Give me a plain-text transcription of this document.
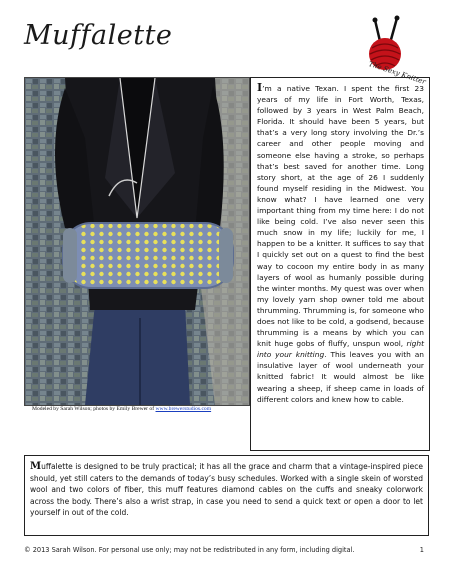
Muffalette
The Sexy Knitter
Modeled by Sarah Wilson; photos by Emily Brewer of www.brewerstudios.com
I’m a native Texan. I spent the first 23 years of my life in Fort Worth, Texas, followed by 3 years in West Palm Beach, Florida. It should have been 5 years, but that’s a very long story involving the Dr.’s career and other people moving and someone else having a stroke, so perhaps that’s best saved for another time. Long story short, at the age of 26 I suddenly found myself residing in the Midwest. You know what? I have learned one very important thing from my time here: I do not like being cold. I’ve also never seen this much snow in my life; luckily for me, I happen to be a knitter. It suffices to say that I quickly set out on a quest to find the best way to cocoon my entire body in as many layers of wool as humanly possible during the winter months. My quest was over when my lovely yarn shop owner told me about thrumming. Thrumming is, for someone who does not like to be cold, a godsend, because thrumming is a means by which you can knit huge gobs of fluffy, unspun wool, right into your knitting. This leaves you with an insulative layer of wool underneath your knitted fabric! It would almost be like wearing a sheep, if sheep came in loads of different colors and knew how to cable.
Muffalette is designed to be truly practical; it has all the grace and charm that a vintage-inspired piece should, yet still caters to the demands of today’s busy schedules. Worked with a single skein of worsted wool and two colors of fiber, this muff features diamond cables on the cuffs and sneaky colorwork across the body. There’s also a wrist strap, in case you need to send a quick text or open a door to let yourself in out of the cold.
© 2013 Sarah Wilson. For personal use only; may not be redistributed in any form, including digital.	1
